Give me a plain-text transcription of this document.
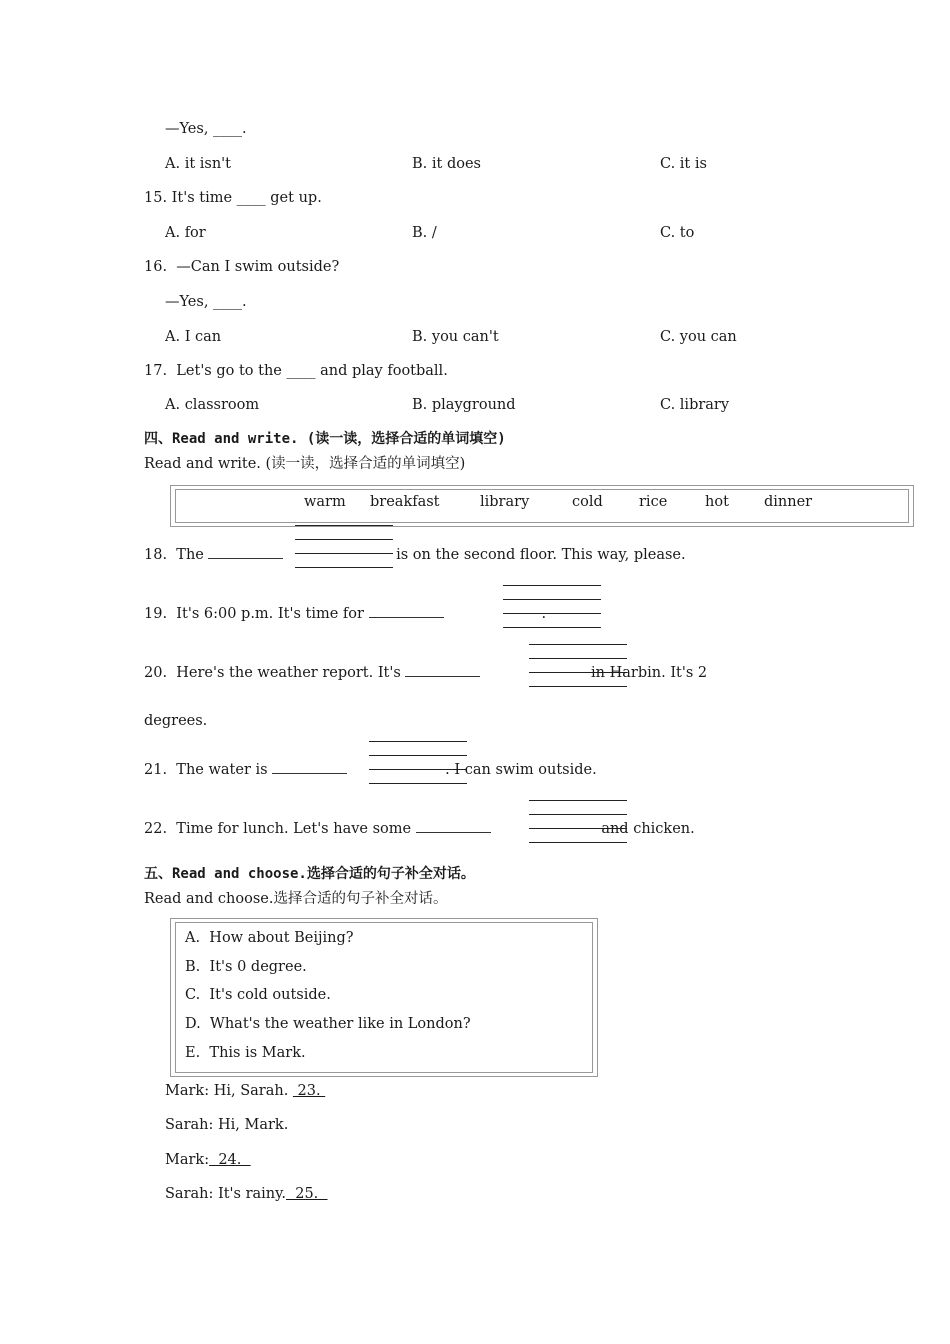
—Yes, ____.
A. it isn't	B. it does	C. it is
15. It's time ____ get up.
A. for	B. /	C. to
16.  —Can I swim outside?
—Yes, ____.
A. I can	B. you can't	C. you can
17.  Let's go to the ____ and play football.
A. classroom	B. playground	C. library
四、Read and write. (读一读，选择合适的单词填空)
Read and write. (读一读，选择合适的单词填空)
warm breakfast	library	cold rice	hot dinner
18.  The	is on the second floor. This way, please.
19.  It's 6:00 p.m. It's time for	.
20.  Here's the weather report. It's	in Harbin. It's 2
degrees.
21.  The water is	. I can swim outside.
22.  Time for lunch. Let's have some	and chicken.
五、Read and choose.选择合适的句子补全对话。
Read and choose.选择合适的句子补全对话。
A.  How about Beijing?
B.  It's 0 degree.
C.  It's cold outside.
D.  What's the weather like in London?
E.  This is Mark.
Mark: Hi, Sarah.  23.
Sarah: Hi, Mark.
Mark:  24.
Sarah: It's rainy.  25.
